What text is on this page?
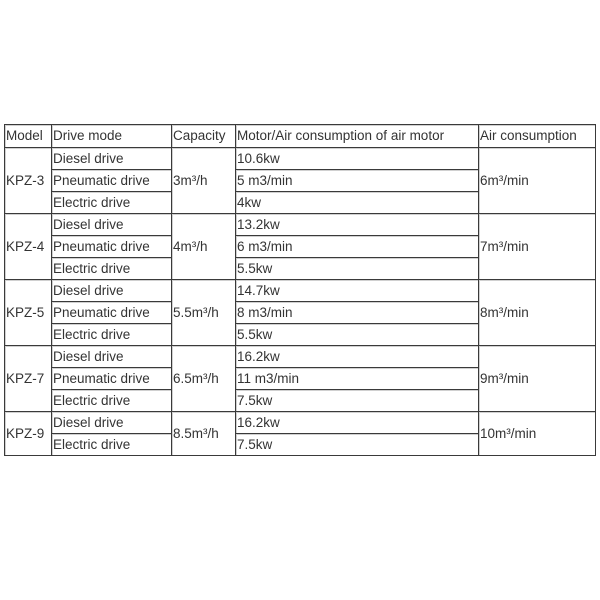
Model	Drive mode	Capacity	Motor/Air consumption of air motor	Air consumption
KPZ-3	Diesel drive	3m³/h	10.6kw	6m³/min
	Pneumatic drive		5 m3/min	
	Electric drive		4kw	
KPZ-4	Diesel drive	4m³/h	13.2kw	7m³/min
	Pneumatic drive		6 m3/min	
	Electric drive		5.5kw	
KPZ-5	Diesel drive	5.5m³/h	14.7kw	8m³/min
	Pneumatic drive		8 m3/min	
	Electric drive		5.5kw	
KPZ-7	Diesel drive	6.5m³/h	16.2kw	9m³/min
	Pneumatic drive		11 m3/min	
	Electric drive		7.5kw	
KPZ-9	Diesel drive	8.5m³/h	16.2kw	10m³/min
	Electric drive		7.5kw	
